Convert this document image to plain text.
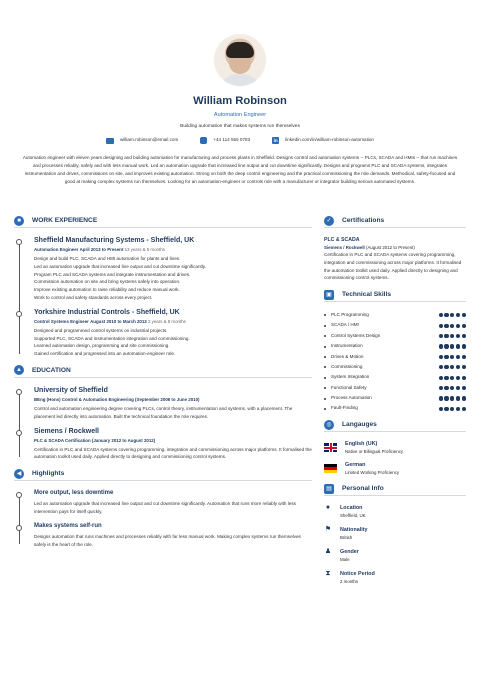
William Robinson
Automation Engineer
Building automation that makes systems run themselves
william.robinson@email.com	+44 114 555 0783	in	linkedin.com/in/william-robinson-automation

Automation engineer with eleven years designing and building automation for manufacturing and process plants in Sheffield. Designs control and automation systems -- PLCs, SCADA and HMIs -- that run machines and processes reliably, safely and with less manual work. Led an automation upgrade that increased line output and cut downtime significantly. Designs and programs PLC and SCADA systems, integrates instrumentation and drives, commissions on site, and improves existing automation. Strong on both the deep control engineering and the practical commissioning the role demands. Methodical, safety-focused and good at making complex systems run themselves. Looking for an automation-engineer or controls role with a manufacturer or integrator building serious automated systems.

■	WORK EXPERIENCE
Sheffield Manufacturing Systems - Sheffield, UK
Automation Engineer April 2013 to Present 13 years & 5 months
Design and build PLC, SCADA and HMI automation for plants and lines.
Led an automation upgrade that increased line output and cut downtime significantly.
Program PLC and SCADA systems and integrate instrumentation and drives.
Commission automation on site and bring systems safely into operation.
Improve existing automation to raise reliability and reduce manual work.
Work to control and safety standards across every project.
Yorkshire Industrial Controls - Sheffield, UK
Control Systems Engineer August 2010 to March 2013 2 years & 8 months
Designed and programmed control systems on industrial projects.
Supported PLC, SCADA and instrumentation integration and commissioning.
Learned automation design, programming and site commissioning.
Gained certification and progressed into an automation-engineer role.
▲	EDUCATION
University of Sheffield
BEng (Hons) Control & Automation Engineering (September 2006 to June 2010)
Control and automation engineering degree covering PLCs, control theory, instrumentation and systems, with a placement. The placement led directly into automation. Built the technical foundation the role requires.
Siemens / Rockwell
PLC & SCADA Certification (January 2012 to August 2012)
Certification in PLC and SCADA systems covering programming, integration and commissioning across major platforms. It formalised the automation toolkit used daily. Applied directly to designing and commissioning control systems.
◀	Highlights
More output, less downtime
Led an automation upgrade that increased line output and cut downtime significantly. Automation that runs more reliably with less intervention pays for itself quickly.
Makes systems self-run
Designs automation that runs machines and processes reliably with far less manual work. Making complex systems run themselves safely is the heart of the role.
✓	Certifications
PLC & SCADA
Siemens / Rockwell (August 2012 to Present)
Certification in PLC and SCADA systems covering programming, integration and commissioning across major platforms. It formalised the automation toolkit used daily. Applied directly to designing and commissioning control systems.
▣	Technical Skills
PLC Programming
SCADA / HMI
Control Systems Design
Instrumentation
Drives & Motion
Commissioning
System Integration
Functional Safety
Process Automation
Fault-Finding
◎	Langauges
English (UK)
Native or Bilingual Proficiency
German
Limited Working Proficiency
▤	Personal Info
●	Location
Sheffield, UK
⚑ Nationality
British
♟ Gender
Male
⧗ Notice Period
2 months
